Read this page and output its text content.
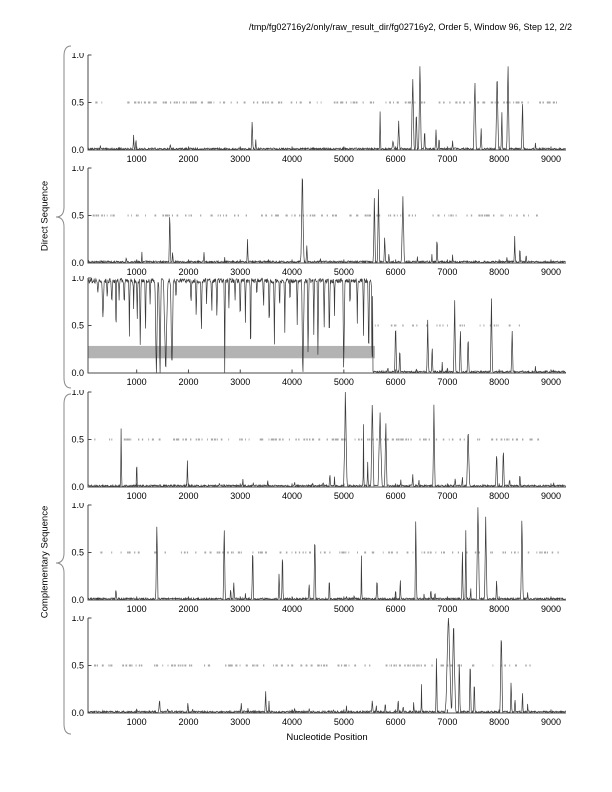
/tmp/fg02716y2/only/raw_result_dir/fg02716y2, Order 5, Window 96, Step 12, 2/2
Direct Sequence
Complementary Sequence
1.0
0.5
0.0
1000	2000	3000	4000	5000	6000	7000	8000	9000
1.0
0.5
0.0
1000	2000	3000	4000	5000	6000	7000	8000	9000
1.0
0.5
0.0
1000	2000	3000	4000	5000	6000	7000	8000	9000
1.0
0.5
0.0
1000	2000	3000	4000	5000	6000	7000	8000	9000
1.0
0.5
0.0
1000	2000	3000	4000	5000	6000	7000	8000	9000
1.0
0.5
0.0
1000	2000	3000	4000	5000	6000	7000	8000	9000
Nucleotide Position
